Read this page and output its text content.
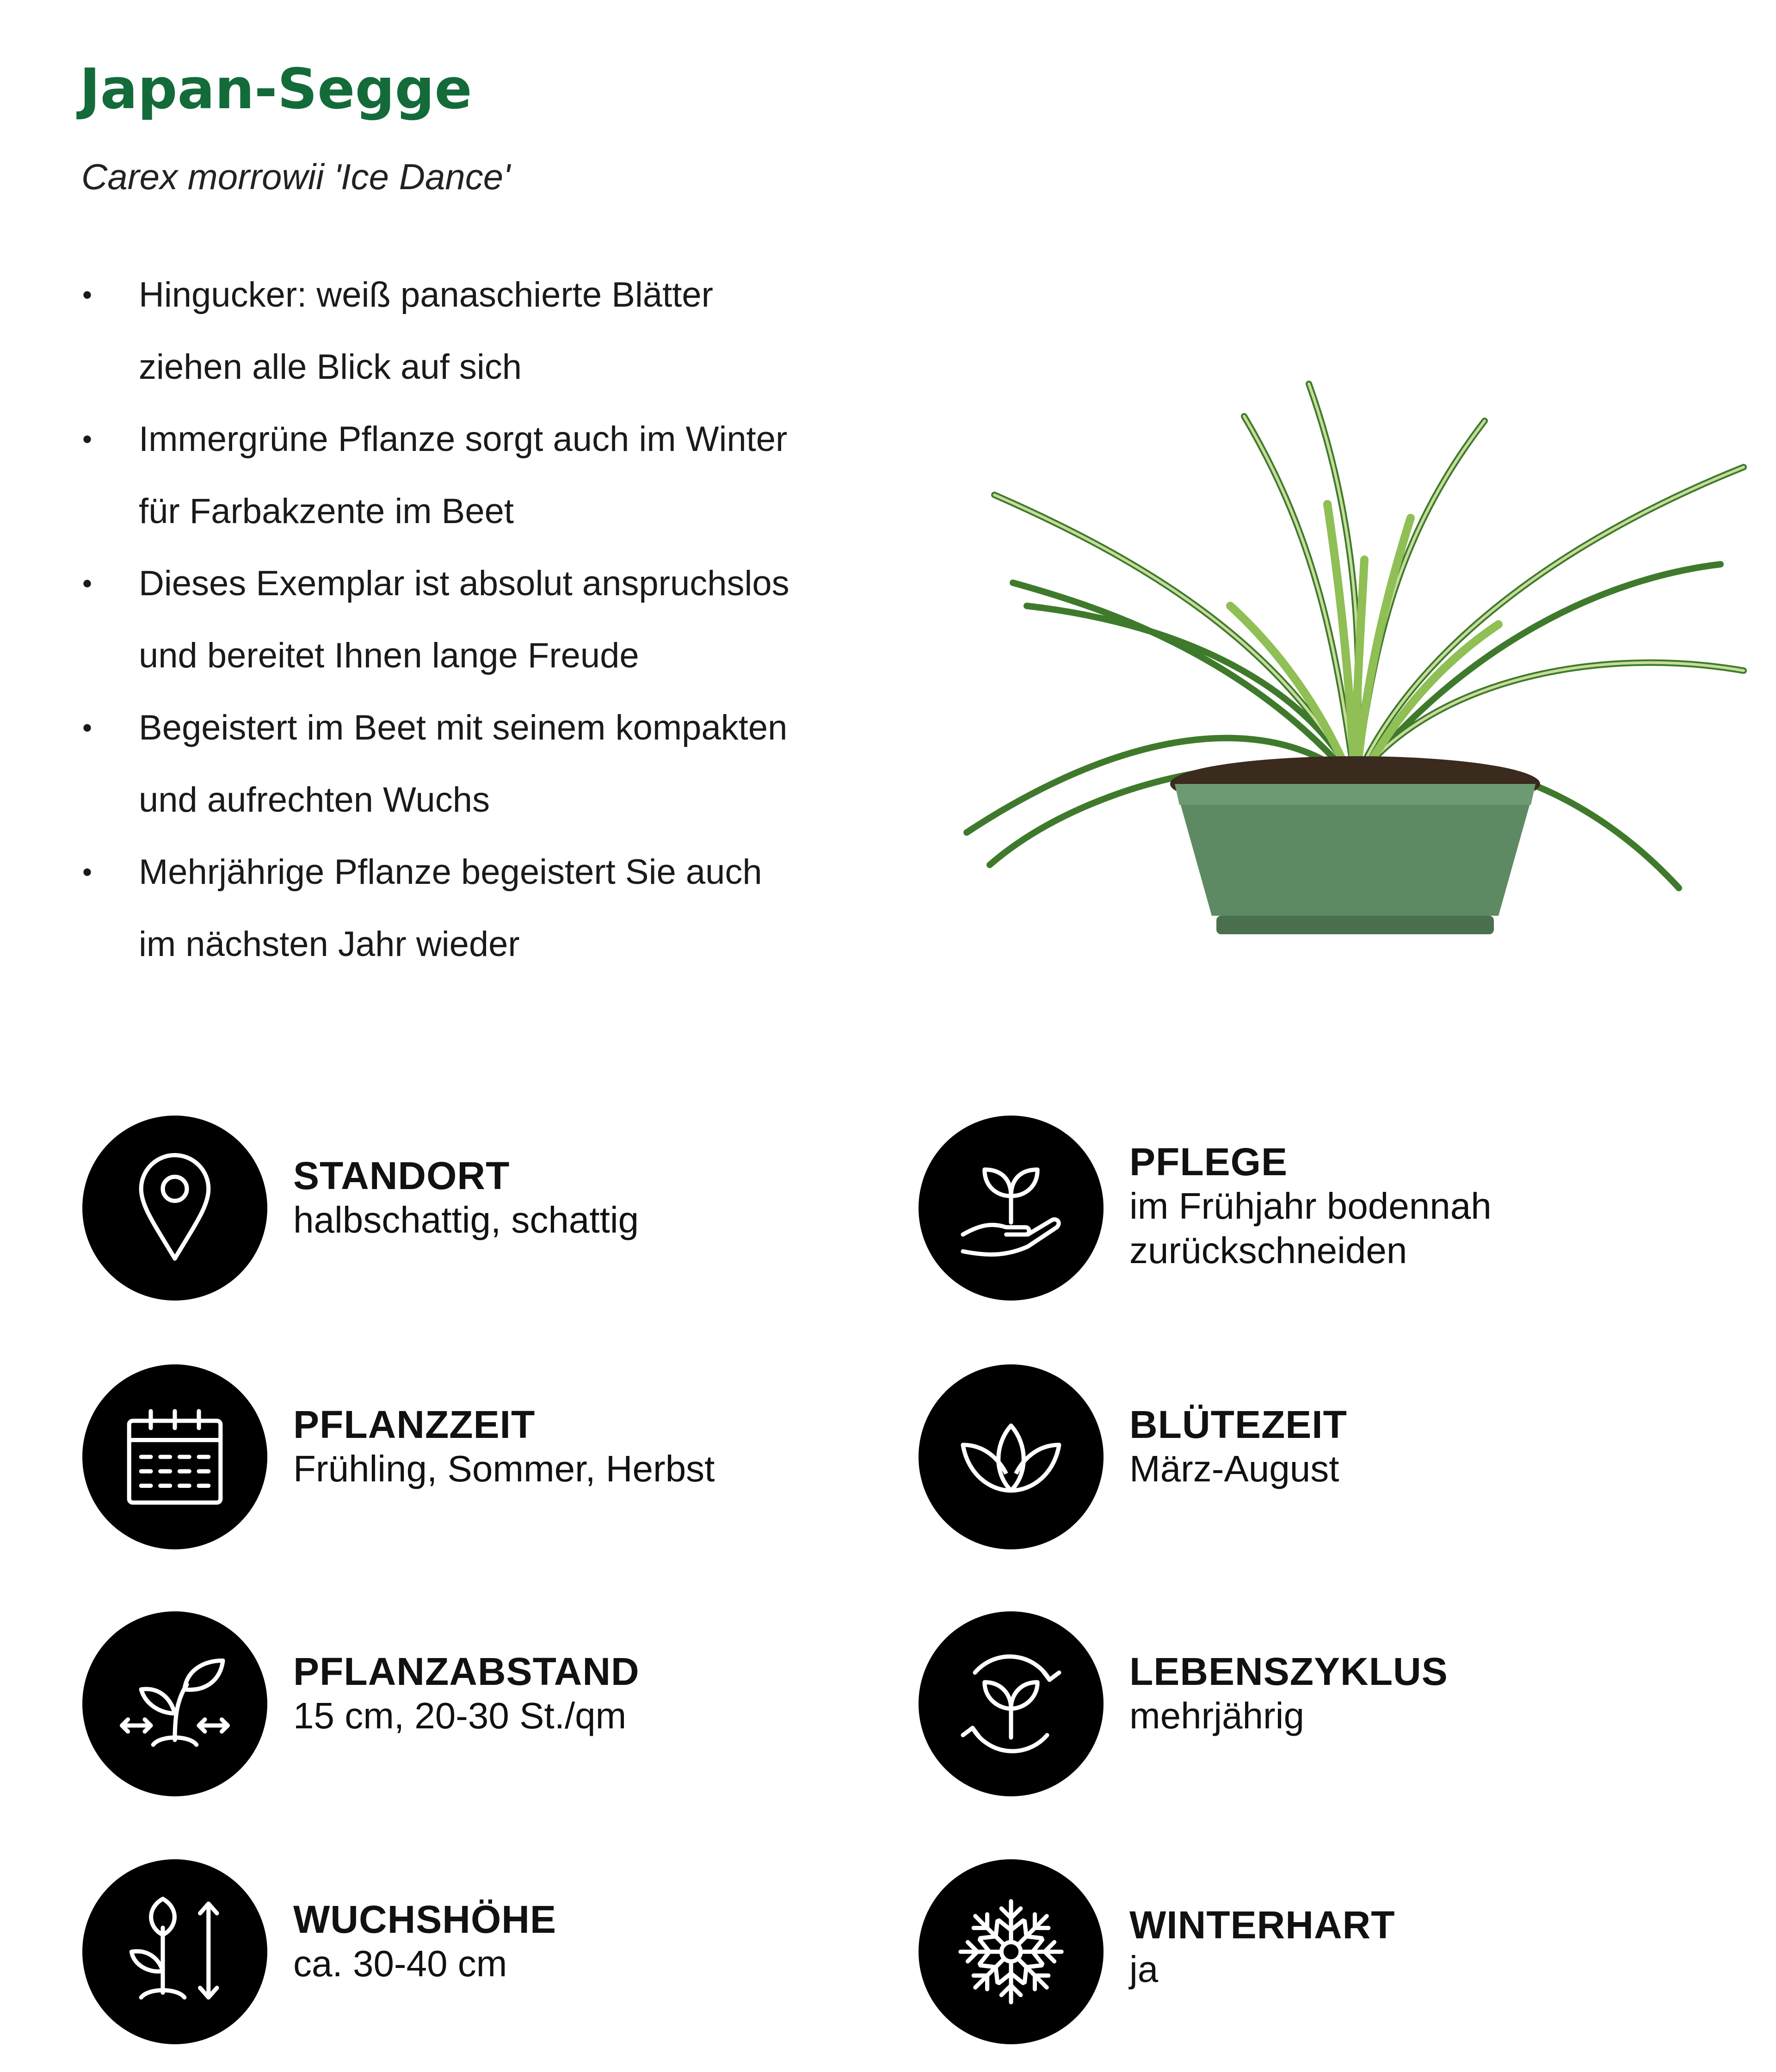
Japan-Segge

Carex morrowii 'Ice Dance'

• Hingucker: weiß panaschierte Blätter
ziehen alle Blick auf sich
• Immergrüne Pflanze sorgt auch im Winter
für Farbakzente im Beet
• Dieses Exemplar ist absolut anspruchslos
und bereitet Ihnen lange Freude
• Begeistert im Beet mit seinem kompakten
und aufrechten Wuchs
• Mehrjährige Pflanze begeistert Sie auch
im nächsten Jahr wieder
STANDORT
halbschattig, schattig
PFLEGE
im Frühjahr bodennah
zurückschneiden
PFLANZZEIT
Frühling, Sommer, Herbst
BLÜTEZEIT
März-August
PFLANZABSTAND
15 cm, 20-30 St./qm
LEBENSZYKLUS
mehrjährig
WUCHSHÖHE
ca. 30-40 cm
WINTERHART
ja
